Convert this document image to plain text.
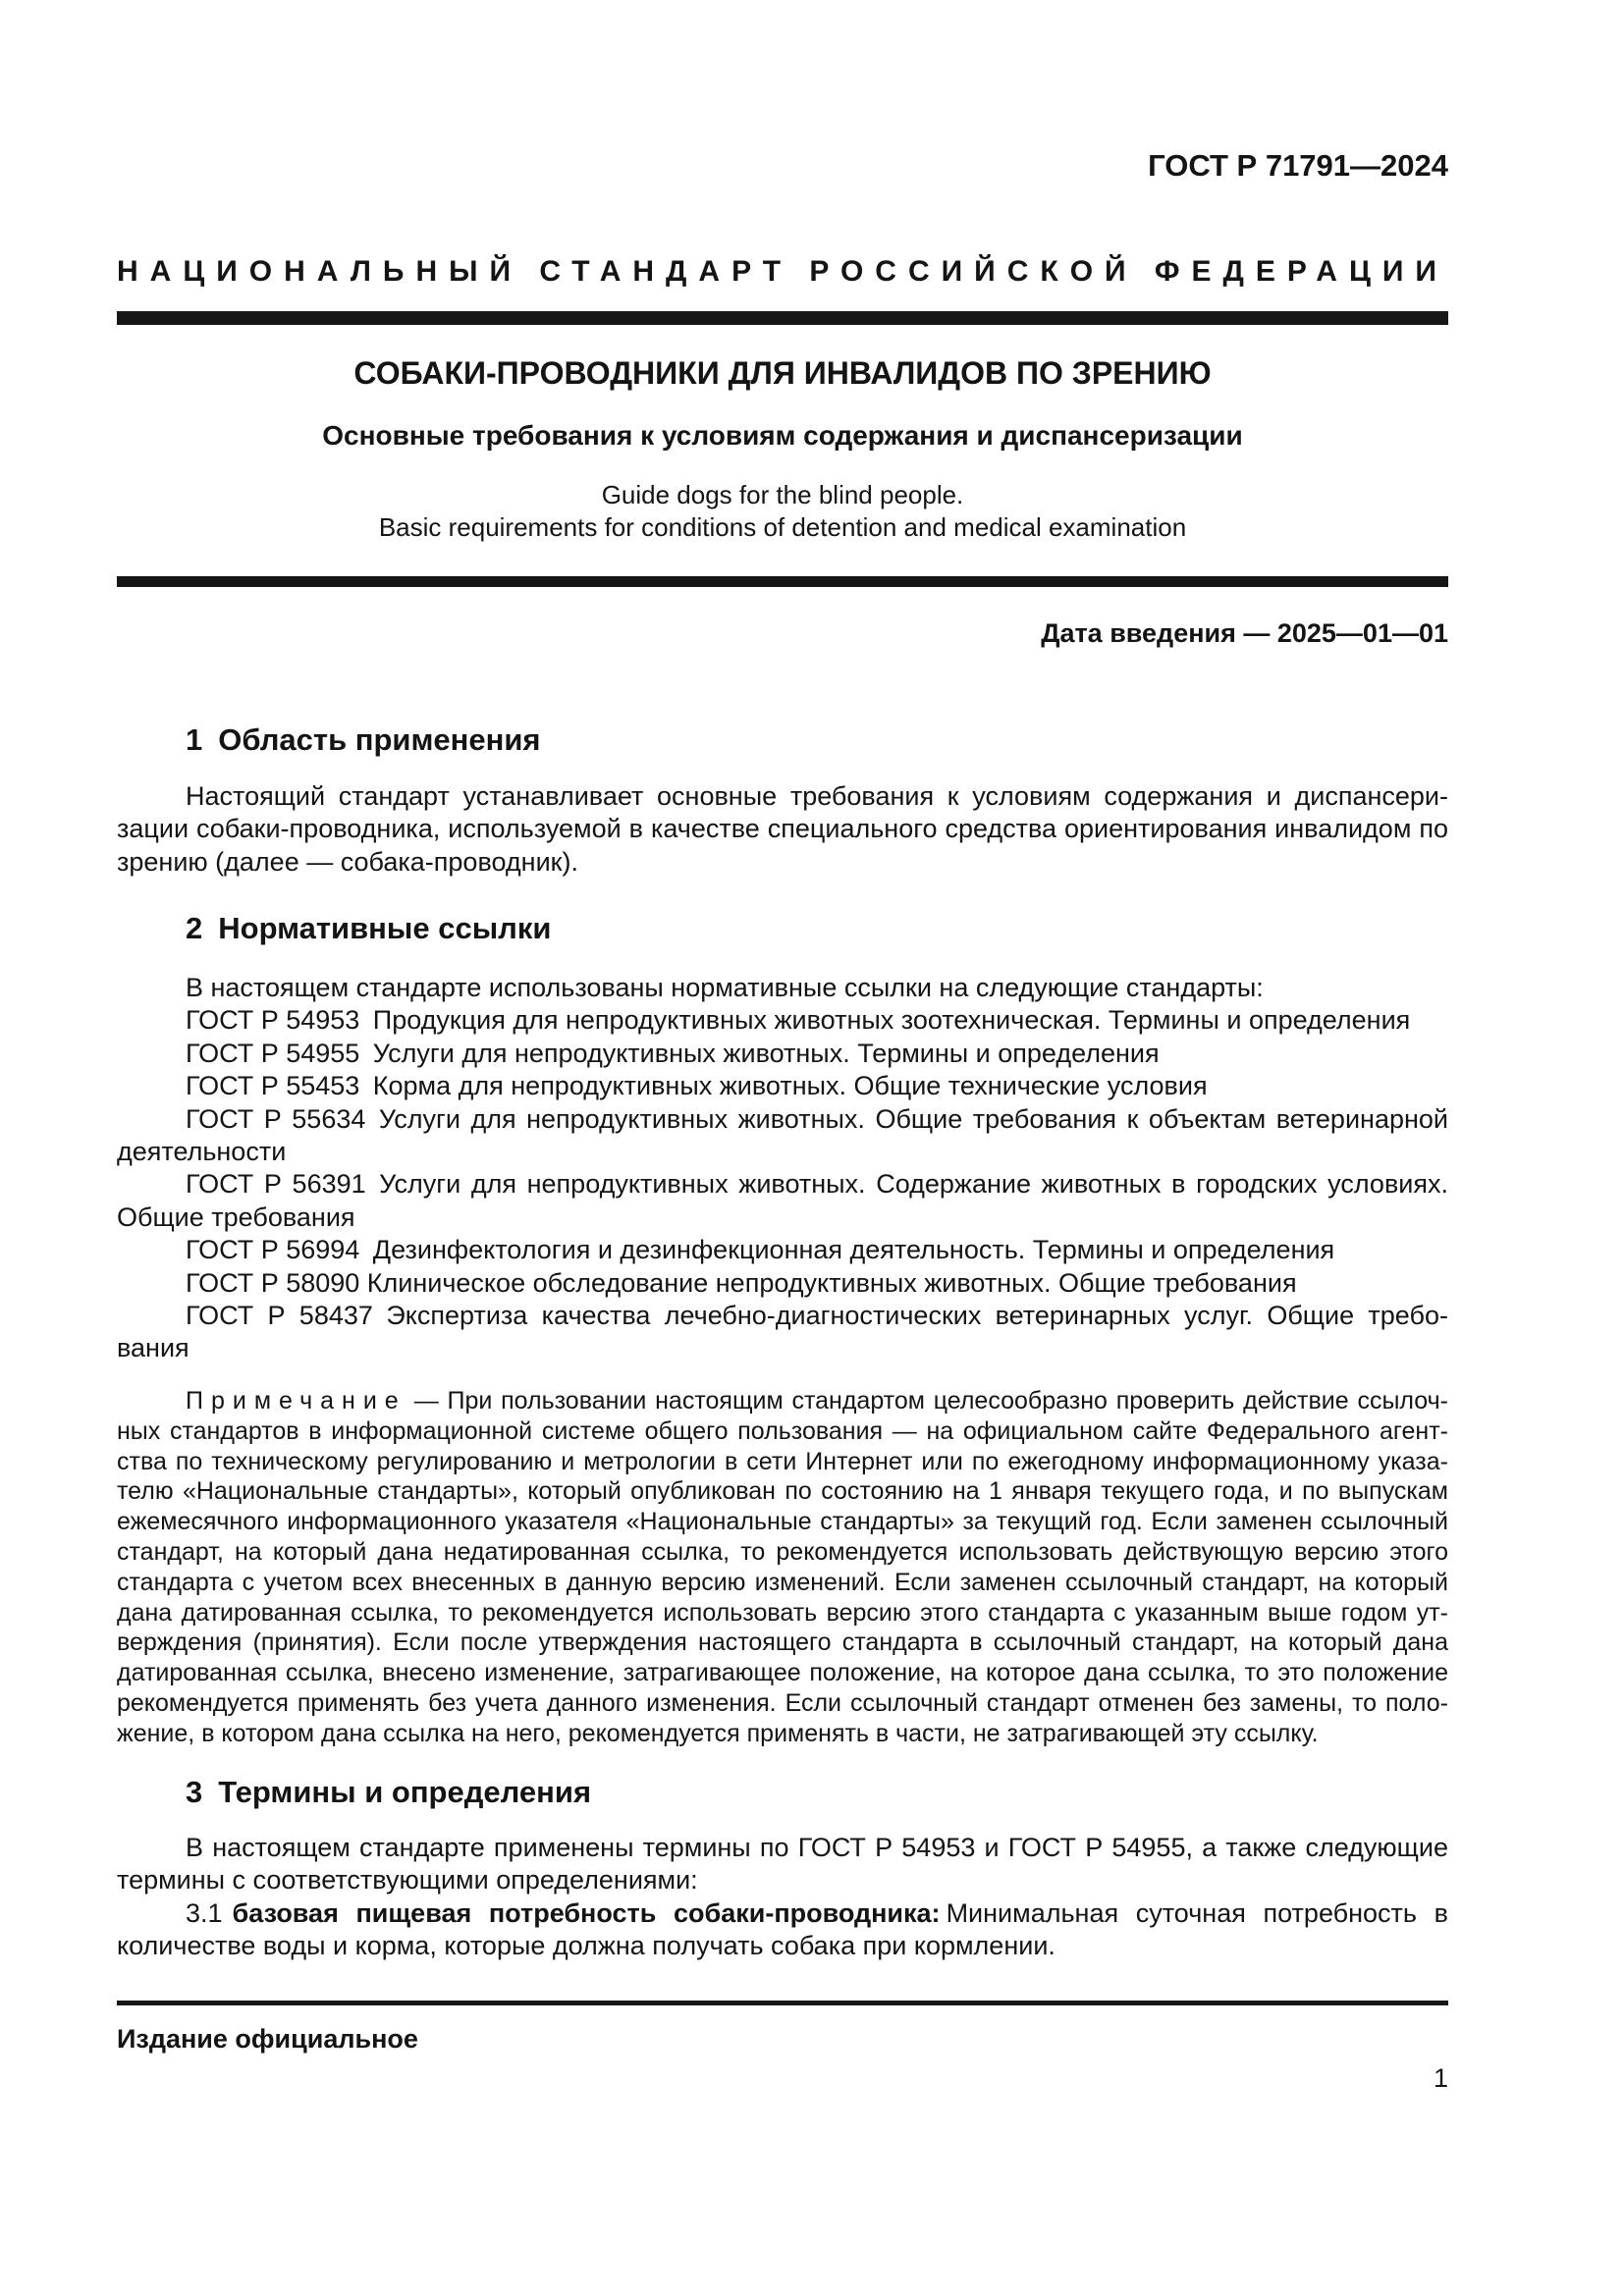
ГОСТ Р 71791—2024
НАЦИОНАЛЬНЫЙ СТАНДАРТ РОССИЙСКОЙ ФЕДЕРАЦИИ
СОБАКИ-ПРОВОДНИКИ ДЛЯ ИНВАЛИДОВ ПО ЗРЕНИЮ
Основные требования к условиям содержания и диспансеризации
Guide dogs for the blind people.
Basic requirements for conditions of detention and medical examination
Дата введения — 2025—01—01
1 Область применения

Настоящий стандарт устанавливает основные требования к условиям содержания и диспансеризации собаки-проводника, используемой в качестве специального средства ориентирования инвалидом по зрению (далее — собака-проводник).

2 Нормативные ссылки

В настоящем стандарте использованы нормативные ссылки на следующие стандарты:

ГОСТ Р 54953 Продукция для непродуктивных животных зоотехническая. Термины и определения

ГОСТ Р 54955 Услуги для непродуктивных животных. Термины и определения

ГОСТ Р 55453 Корма для непродуктивных животных. Общие технические условия

ГОСТ Р 55634 Услуги для непродуктивных животных. Общие требования к объектам ветеринарной деятельности

ГОСТ Р 56391 Услуги для непродуктивных животных. Содержание животных в городских условиях. Общие требования

ГОСТ Р 56994 Дезинфектология и дезинфекционная деятельность. Термины и определения

ГОСТ Р 58090 Клиническое обследование непродуктивных животных. Общие требования

ГОСТ Р 58437 Экспертиза качества лечебно-диагностических ветеринарных услуг. Общие требования

Примечание — При пользовании настоящим стандартом целесообразно проверить действие ссылочных стандартов в информационной системе общего пользования — на официальном сайте Федерального агентства по техническому регулированию и метрологии в сети Интернет или по ежегодному информационному указателю «Национальные стандарты», который опубликован по состоянию на 1 января текущего года, и по выпускам ежемесячного информационного указателя «Национальные стандарты» за текущий год. Если заменен ссылочный стандарт, на который дана недатированная ссылка, то рекомендуется использовать действующую версию этого стандарта с учетом всех внесенных в данную версию изменений. Если заменен ссылочный стандарт, на который дана датированная ссылка, то рекомендуется использовать версию этого стандарта с указанным выше годом утверждения (принятия). Если после утверждения настоящего стандарта в ссылочный стандарт, на который дана датированная ссылка, внесено изменение, затрагивающее положение, на которое дана ссылка, то это положение рекомендуется применять без учета данного изменения. Если ссылочный стандарт отменен без замены, то положение, в котором дана ссылка на него, рекомендуется применять в части, не затрагивающей эту ссылку.
3 Термины и определения

В настоящем стандарте применены термины по ГОСТ Р 54953 и ГОСТ Р 54955, а также следующие термины с соответствующими определениями:

3.1 базовая пищевая потребность собаки-проводника: Минимальная суточная потребность в количестве воды и корма, которые должна получать собака при кормлении.

Издание официальное
1
